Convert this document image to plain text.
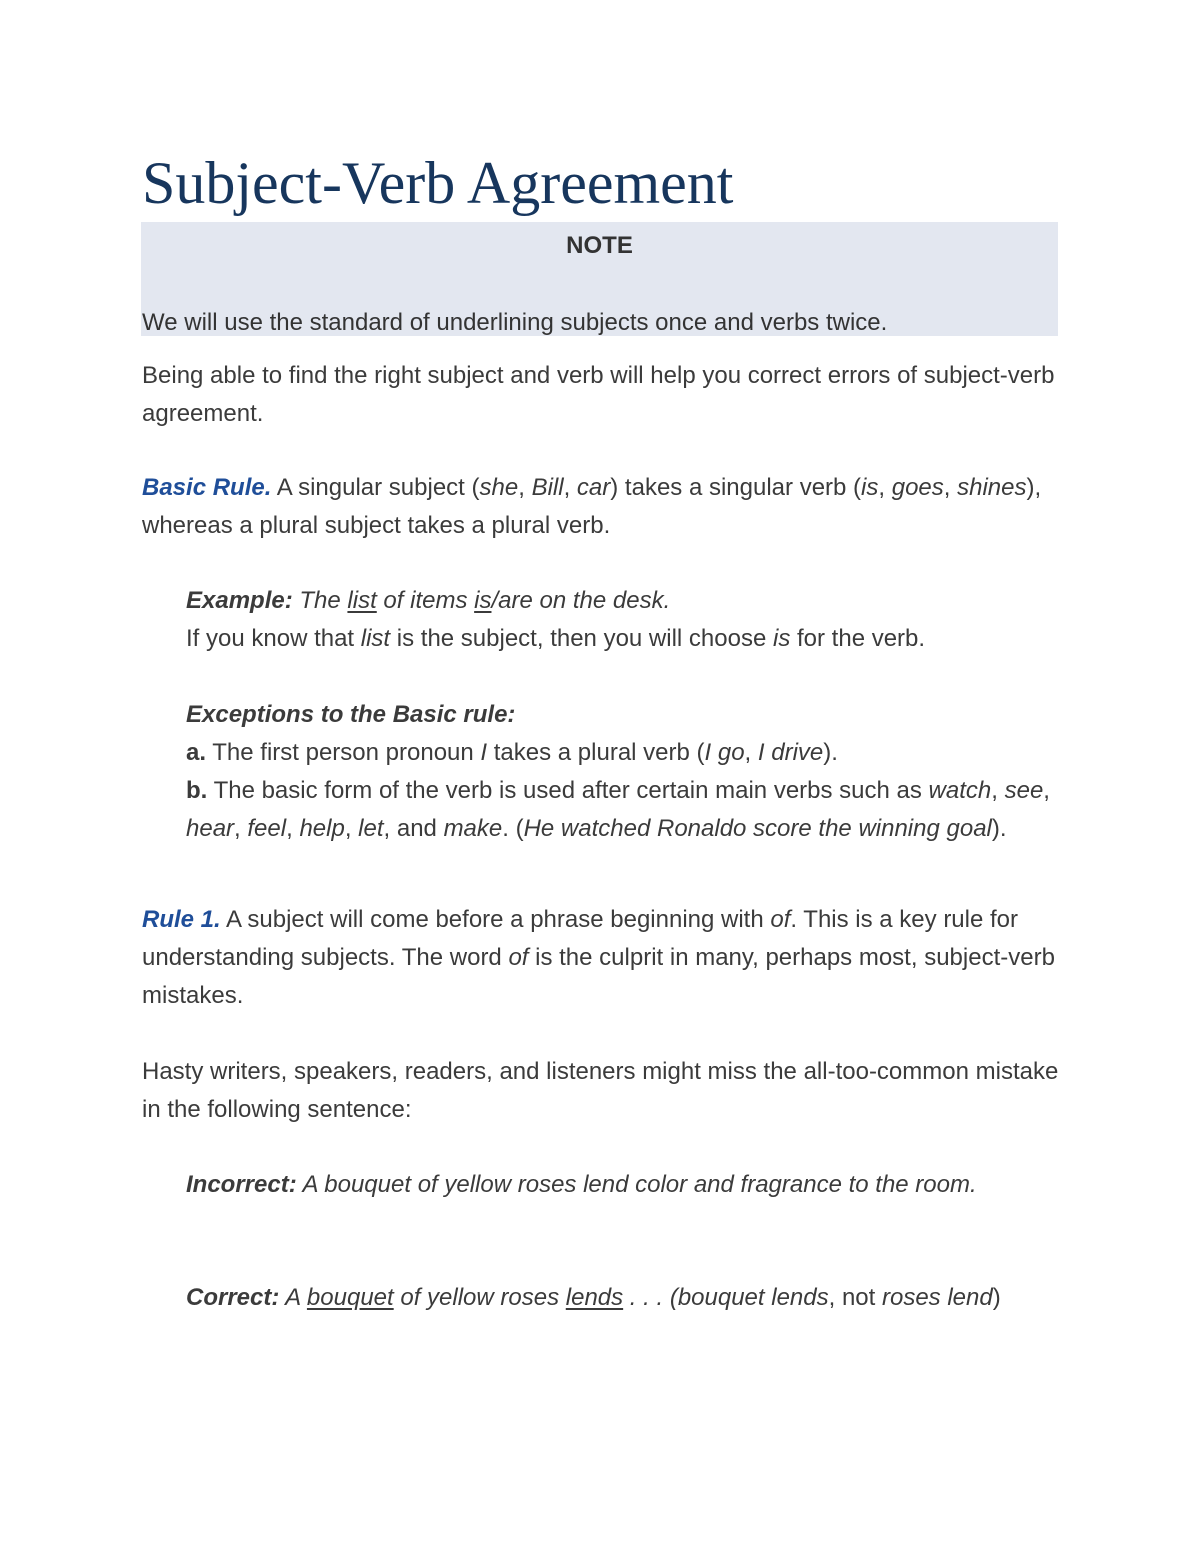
Subject-Verb Agreement
NOTE
We will use the standard of underlining subjects once and verbs twice.

Being able to find the right subject and verb will help you correct errors of subject-verb agreement.

Basic Rule. A singular subject (she, Bill, car) takes a singular verb (is, goes, shines), whereas a plural subject takes a plural verb.

Example: The list of items is/are on the desk.
If you know that list is the subject, then you will choose is for the verb.

Exceptions to the Basic rule:
a. The first person pronoun I takes a plural verb (I go, I drive).
b. The basic form of the verb is used after certain main verbs such as watch, see, hear, feel, help, let, and make. (He watched Ronaldo score the winning goal).

Rule 1. A subject will come before a phrase beginning with of. This is a key rule for understanding subjects. The word of is the culprit in many, perhaps most, subject-verb mistakes.

Hasty writers, speakers, readers, and listeners might miss the all-too-common mistake in the following sentence:

Incorrect: A bouquet of yellow roses lend color and fragrance to the room.

Correct: A bouquet of yellow roses lends . . . (bouquet lends, not roses lend)
